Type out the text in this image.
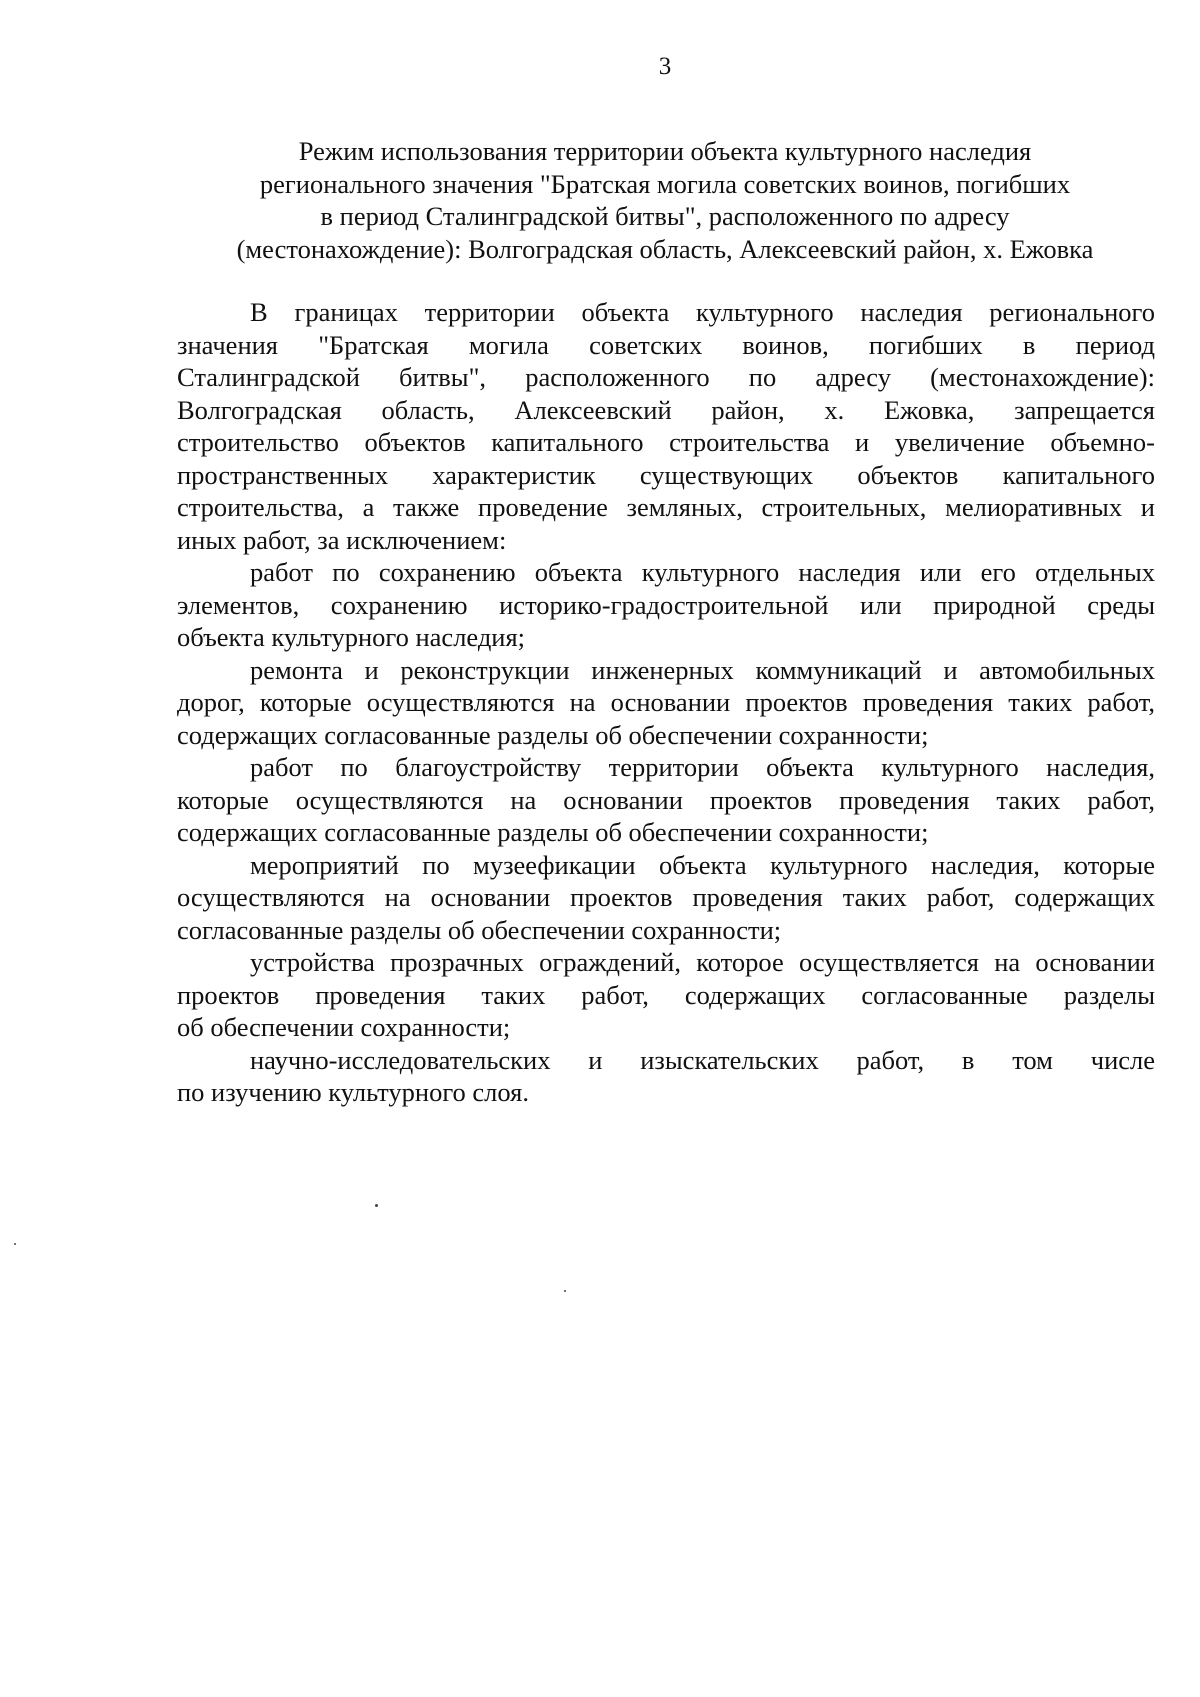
3
Режим использования территории объекта культурного наследия
регионального значения "Братская могила советских воинов, погибших
в период Сталинградской битвы", расположенного по адресу
(местонахождение): Волгоградская область, Алексеевский район, х. Ежовка
В границах территории объекта культурного наследия регионального
значения "Братская могила советских воинов, погибших в период
Сталинградской битвы", расположенного по адресу (местонахождение):
Волгоградская область, Алексеевский район, х. Ежовка, запрещается
строительство объектов капитального строительства и увеличение объемно-
пространственных характеристик существующих объектов капитального
строительства, а также проведение земляных, строительных, мелиоративных и
иных работ, за исключением:
работ по сохранению объекта культурного наследия или его отдельных
элементов, сохранению историко-градостроительной или природной среды
объекта культурного наследия;
ремонта и реконструкции инженерных коммуникаций и автомобильных
дорог, которые осуществляются на основании проектов проведения таких работ,
содержащих согласованные разделы об обеспечении сохранности;
работ по благоустройству территории объекта культурного наследия,
которые осуществляются на основании проектов проведения таких работ,
содержащих согласованные разделы об обеспечении сохранности;
мероприятий по музеефикации объекта культурного наследия, которые
осуществляются на основании проектов проведения таких работ, содержащих
согласованные разделы об обеспечении сохранности;
устройства прозрачных ограждений, которое осуществляется на основании
проектов проведения таких работ, содержащих согласованные разделы
об обеспечении сохранности;
научно-исследовательских и изыскательских работ, в том числе
по изучению культурного слоя.
